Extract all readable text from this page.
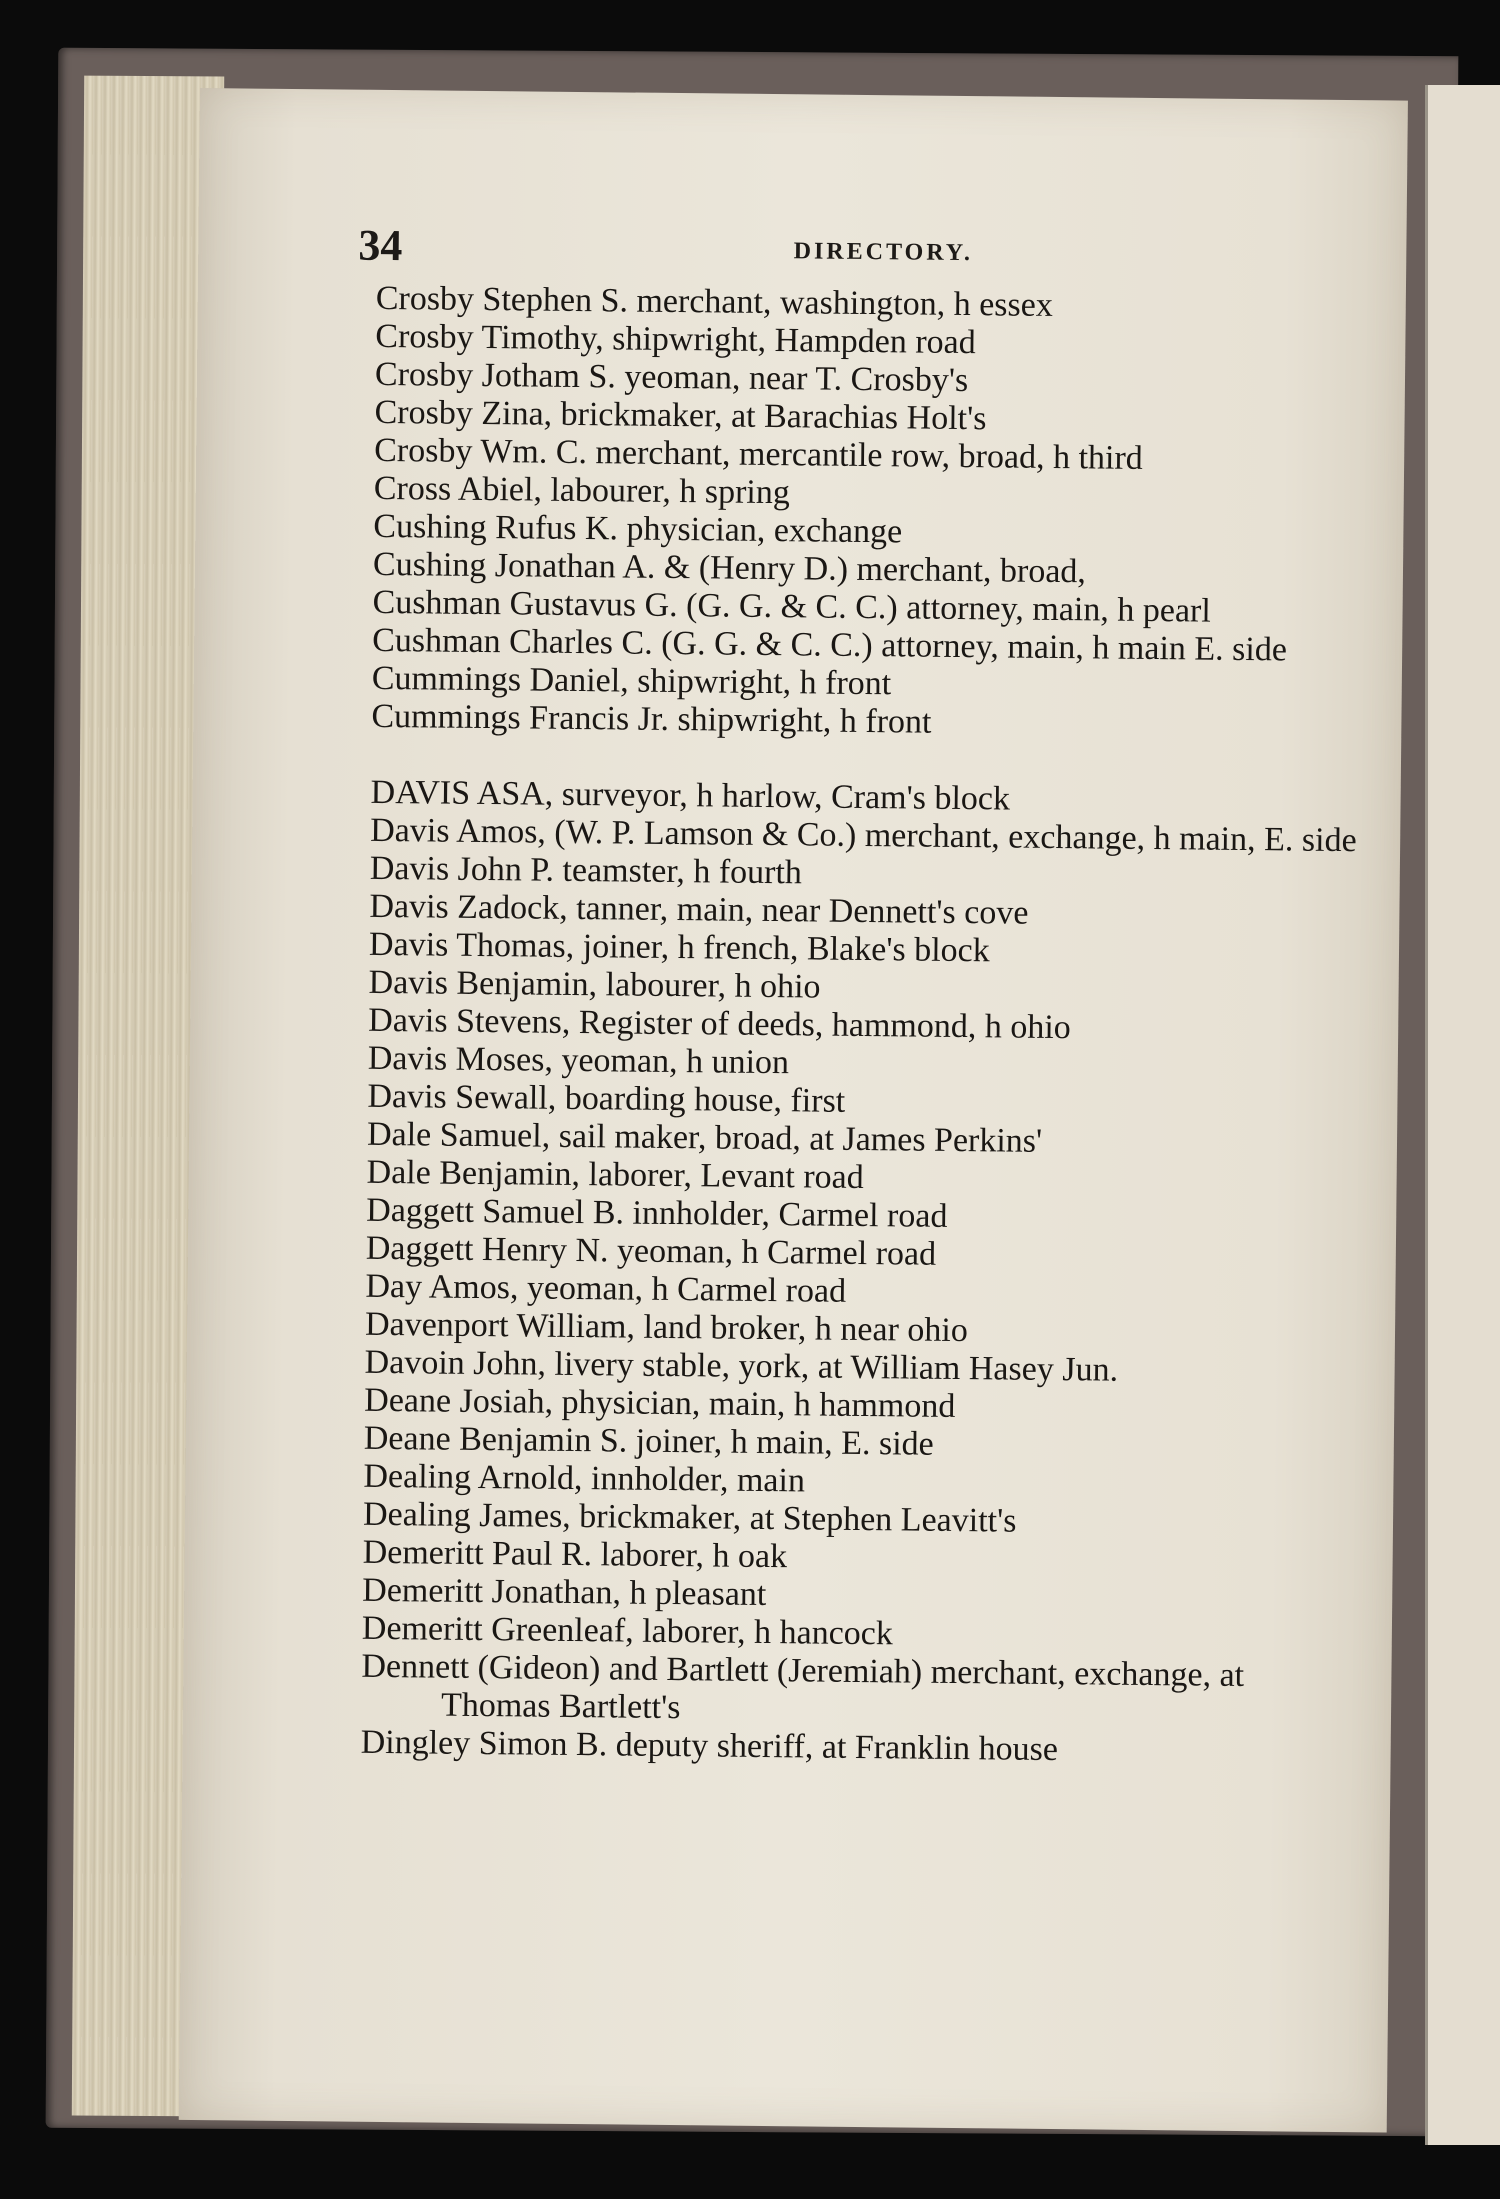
34	DIRECTORY.
Crosby Stephen S. merchant, washington, h essex
Crosby Timothy, shipwright, Hampden road
Crosby Jotham S. yeoman, near T. Crosby's
Crosby Zina, brickmaker, at Barachias Holt's
Crosby Wm. C. merchant, mercantile row, broad, h third
Cross Abiel, labourer, h spring
Cushing Rufus K. physician, exchange
Cushing Jonathan A. & (Henry D.) merchant, broad,
Cushman Gustavus G. (G. G. & C. C.) attorney, main, h pearl
Cushman Charles C. (G. G. & C. C.) attorney, main, h main E. side
Cummings Daniel, shipwright, h front
Cummings Francis Jr. shipwright, h front
DAVIS ASA, surveyor, h harlow, Cram's block
Davis Amos, (W. P. Lamson & Co.) merchant, exchange, h main, E. side
Davis John P. teamster, h fourth
Davis Zadock, tanner, main, near Dennett's cove
Davis Thomas, joiner, h french, Blake's block
Davis Benjamin, labourer, h ohio
Davis Stevens, Register of deeds, hammond, h ohio
Davis Moses, yeoman, h union
Davis Sewall, boarding house, first
Dale Samuel, sail maker, broad, at James Perkins'
Dale Benjamin, laborer, Levant road
Daggett Samuel B. innholder, Carmel road
Daggett Henry N. yeoman, h Carmel road
Day Amos, yeoman, h Carmel road
Davenport William, land broker, h near ohio
Davoin John, livery stable, york, at William Hasey Jun.
Deane Josiah, physician, main, h hammond
Deane Benjamin S. joiner, h main, E. side
Dealing Arnold, innholder, main
Dealing James, brickmaker, at Stephen Leavitt's
Demeritt Paul R. laborer, h oak
Demeritt Jonathan, h pleasant
Demeritt Greenleaf, laborer, h hancock
Dennett (Gideon) and Bartlett (Jeremiah) merchant, exchange, at Thomas Bartlett's
Dingley Simon B. deputy sheriff, at Franklin house
